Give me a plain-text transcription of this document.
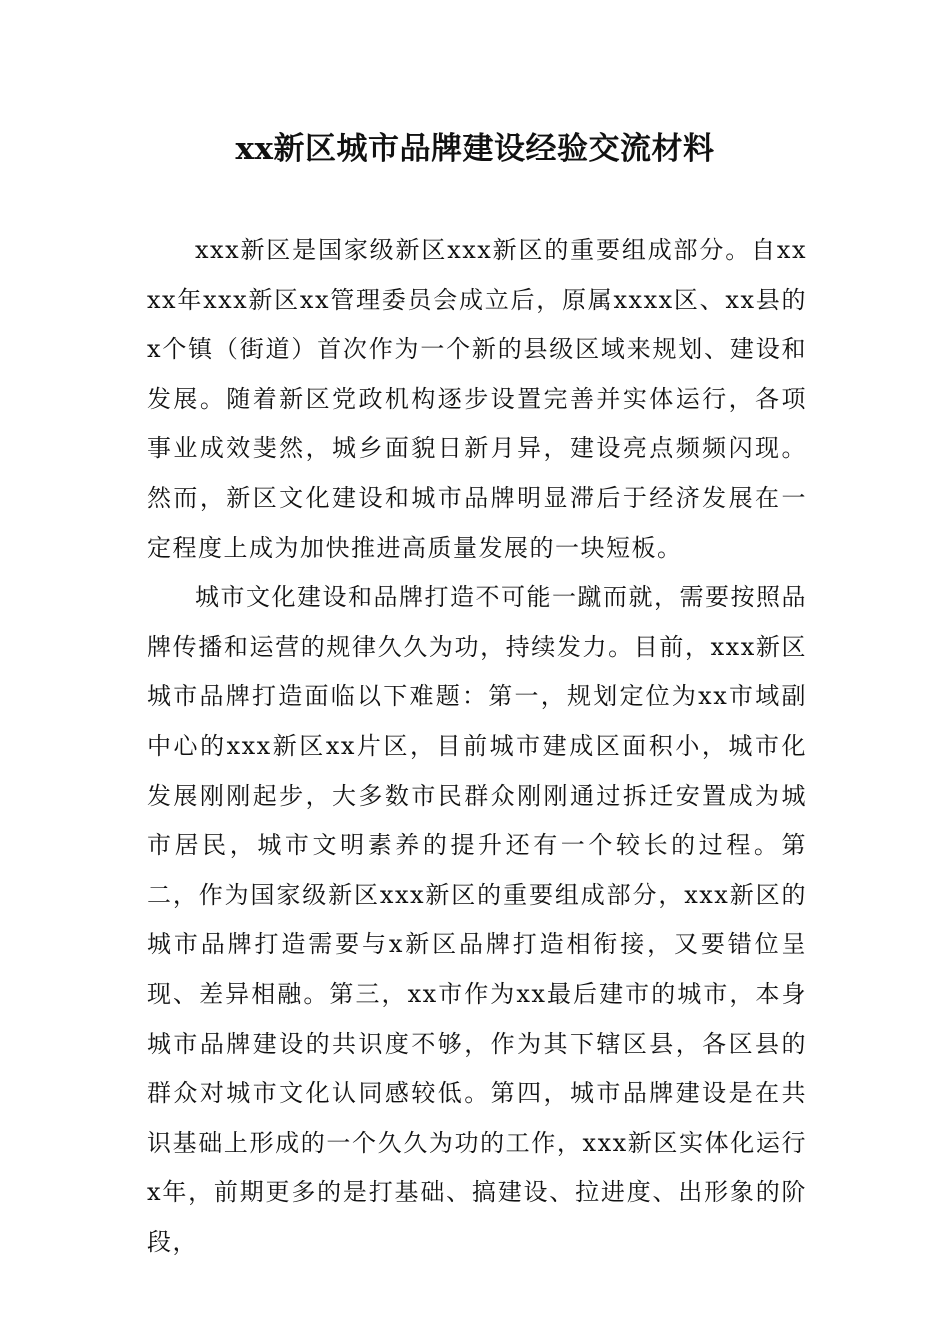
xx新区城市品牌建设经验交流材料

xxx新区是国家级新区xxx新区的重要组成部分。自xxxx年xxx新区xx管理委员会成立后，原属xxxx区、xx县的x个镇（街道）首次作为一个新的县级区域来规划、建设和发展。随着新区党政机构逐步设置完善并实体运行，各项事业成效斐然，城乡面貌日新月异，建设亮点频频闪现。然而，新区文化建设和城市品牌明显滞后于经济发展在一定程度上成为加快推进高质量发展的一块短板。

城市文化建设和品牌打造不可能一蹴而就，需要按照品牌传播和运营的规律久久为功，持续发力。目前，xxx新区城市品牌打造面临以下难题：第一，规划定位为xx市域副中心的xxx新区xx片区，目前城市建成区面积小，城市化发展刚刚起步，大多数市民群众刚刚通过拆迁安置成为城市居民，城市文明素养的提升还有一个较长的过程。第二，作为国家级新区xxx新区的重要组成部分，xxx新区的城市品牌打造需要与x新区品牌打造相衔接，又要错位呈现、差异相融。第三，xx市作为xx最后建市的城市，本身城市品牌建设的共识度不够，作为其下辖区县，各区县的群众对城市文化认同感较低。第四，城市品牌建设是在共识基础上形成的一个久久为功的工作，xxx新区实体化运行x年，前期更多的是打基础、搞建设、拉进度、出形象的阶段，
